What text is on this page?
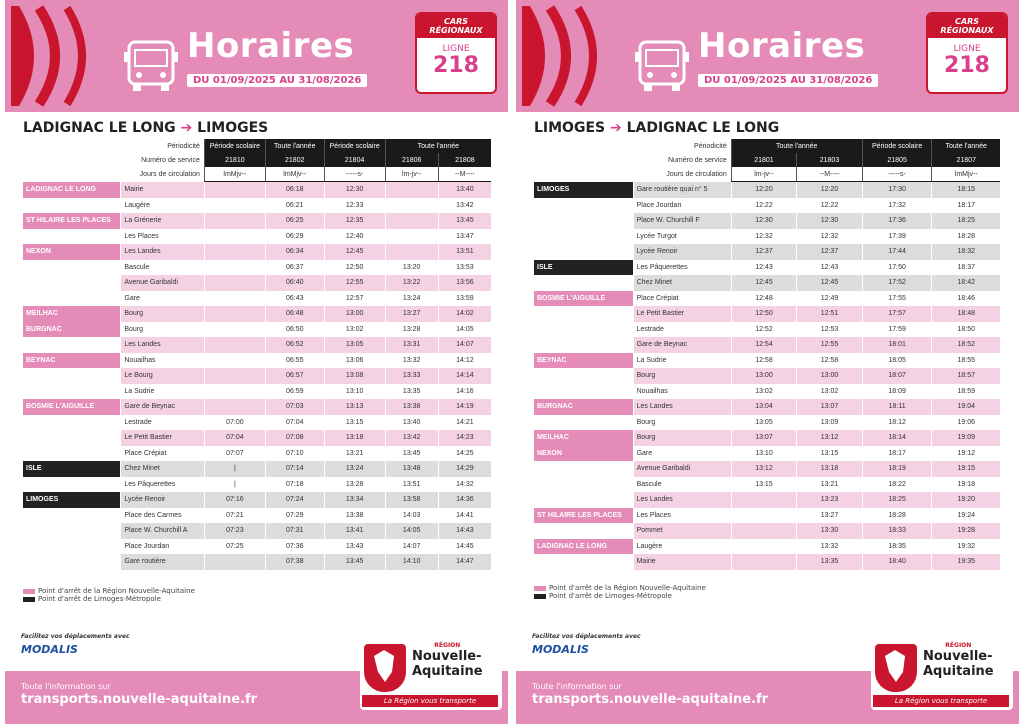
Horaires
DU 01/09/2025 AU 31/08/2026
CARS RÉGIONAUX
LIGNE
218
LADIGNAC LE LONG ➔ LIMOGES
	Périodicité	Période scolaire	Toute l'année	Période scolaire	Toute l'année	
	Numéro de service	21810	21802	21804	21806	21808
	Jours de circulation	lmMjv--	lmMjv--	-----s-	lm-jv--	--M----
LADIGNAC LE LONG	Mairie		06:18	12:30		13:40
	Laugère		06:21	12:33		13:42
ST HILAIRE LES PLACES	La Grénerie		06:25	12:35		13:45
	Les Places		06:29	12:40		13:47
NEXON	Les Landes		06:34	12:45		13:51
	Bascule		06:37	12:50	13:20	13:53
	Avenue Garibaldi		06:40	12:55	13:22	13:56
	Gare		06:43	12:57	13:24	13:59
MEILHAC	Bourg		06:48	13:00	13:27	14:02
BURGNAC	Bourg		06:50	13:02	13:28	14:05
	Les Landes		06:52	13:05	13:31	14:07
BEYNAC	Nouailhas		06:55	13:06	13:32	14:12
	Le Bourg		06:57	13:08	13:33	14:14
	La Sudrie		06:59	13:10	13:35	14:16
BOSMIE L'AIGUILLE	Gare de Beynac		07:03	13:13	13:38	14:19
	Lestrade	07:00	07:04	13:15	13:40	14:21
	Le Petit Bastier	07:04	07:08	13:18	13:42	14:23
	Place Crépiat	07:07	07:10	13:21	13:45	14:25
ISLE	Chez Minet	|	07:14	13:24	13:48	14:29
	Les Pâquerettes	|	07:18	13:28	13:51	14:32
LIMOGES	Lycée Renoir	07:16	07:24	13:34	13:58	14:36
	Place des Carmes	07:21	07:29	13:38	14:03	14:41
	Place W. Churchill A	07:23	07:31	13:41	14:05	14:43
	Place Jourdan	07:25	07:36	13:43	14:07	14:45
	Gare routière		07:38	13:45	14:10	14:47
Point d'arrêt de la Région Nouvelle-Aquitaine
Point d'arrêt de Limoges-Métropole
Facilitez vos déplacements avec
MODALIS
Toute l'information sur
transports.nouvelle-aquitaine.fr
RÉGION
Nouvelle-
Aquitaine
La Région vous transporte
Horaires
DU 01/09/2025 AU 31/08/2026
CARS RÉGIONAUX
LIGNE
218
LIMOGES ➔ LADIGNAC LE LONG
	Périodicité	Toute l'année		Période scolaire	Toute l'année
	Numéro de service	21801	21803	21805	21807
	Jours de circulation	lm-jv--	--M----	-----s-	lmMjv--
LIMOGES	Gare routière quai n° 5	12:20	12:20	17:30	18:15
	Place Jourdan	12:22	12:22	17:32	18:17
	Place W. Churchill F	12:30	12:30	17:36	18:25
	Lycée Turgot	12:32	12:32	17:39	18:28
	Lycée Renoir	12:37	12:37	17:44	18:32
ISLE	Les Pâquerettes	12:43	12:43	17:50	18:37
	Chez Minet	12:45	12:45	17:52	18:42
BOSMIE L'AIGUILLE	Place Crépiat	12:48	12:49	17:55	18:46
	Le Petit Bastier	12:50	12:51	17:57	18:48
	Lestrade	12:52	12:53	17:59	18:50
	Gare de Beynac	12:54	12:55	18:01	18:52
BEYNAC	La Sudrie	12:58	12:58	18:05	18:55
	Bourg	13:00	13:00	18:07	18:57
	Nouailhas	13:02	13:02	18:09	18:59
BURGNAC	Les Landes	13:04	13:07	18:11	19:04
	Bourg	13:05	13:09	18:12	19:06
MEILHAC	Bourg	13:07	13:12	18:14	19:09
NEXON	Gare	13:10	13:15	18:17	19:12
	Avenue Garibaldi	13:12	13:18	18:19	19:15
	Bascule	13:15	13:21	18:22	19:18
	Les Landes		13:23	18:25	19:20
ST HILAIRE LES PLACES	Les Places		13:27	18:28	19:24
	Pommet		13:30	18:33	19:28
LADIGNAC LE LONG	Laugère		13:32	18:35	19:32
	Mairie		13:35	18:40	19:35
Point d'arrêt de la Région Nouvelle-Aquitaine
Point d'arrêt de Limoges-Métropole
Facilitez vos déplacements avec
MODALIS
Toute l'information sur
transports.nouvelle-aquitaine.fr
RÉGION
Nouvelle-
Aquitaine
La Région vous transporte
